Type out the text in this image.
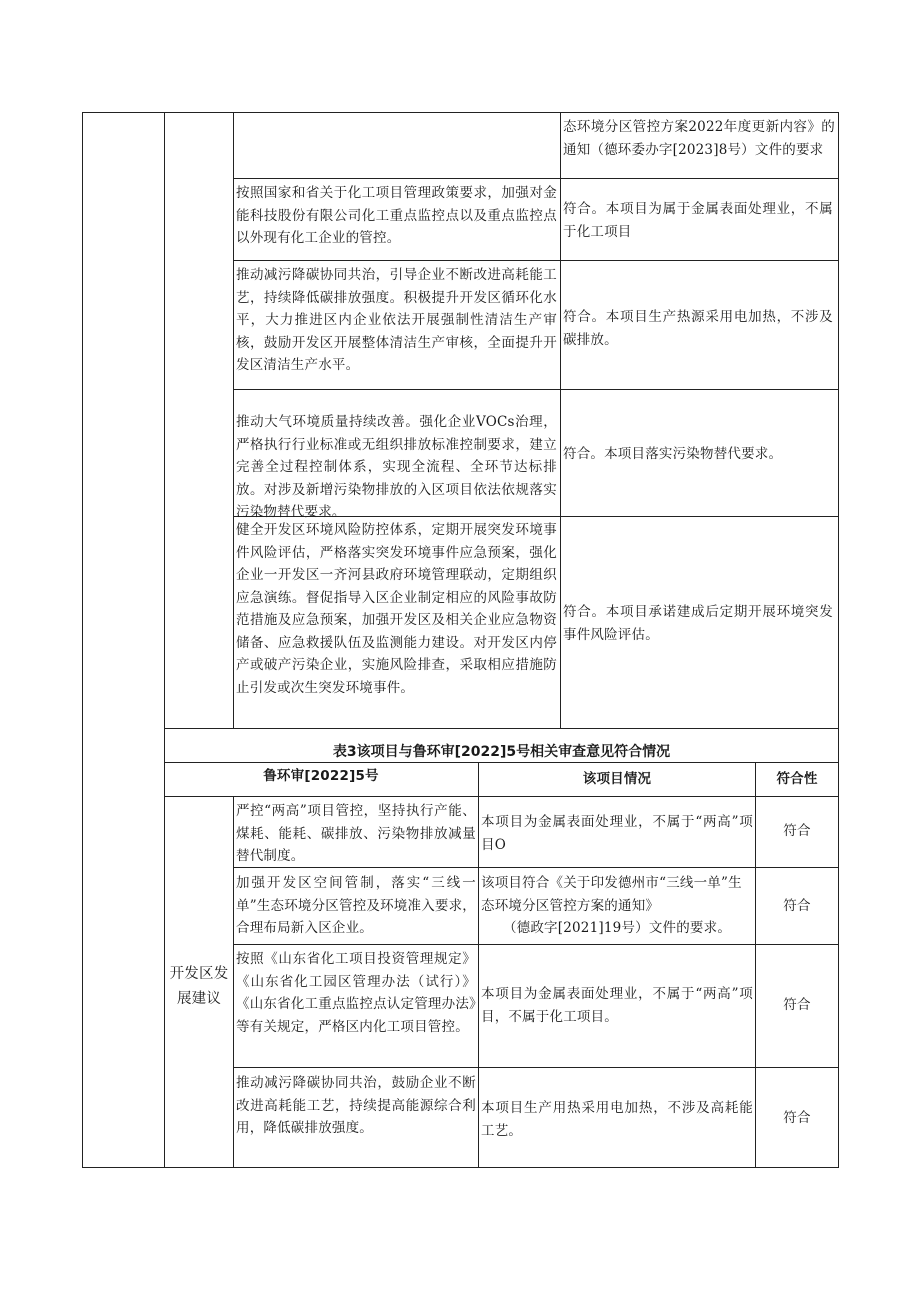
态环境分区管控方案2022年度更新内容》的通知（德环委办字[2023]8号）文件的要求
按照国家和省关于化工项目管理政策要求，加强对金能科技股份有限公司化工重点监控点以及重点监控点以外现有化工企业的管控。
符合。本项目为属于金属表面处理业，不属于化工项目
推动减污降碳协同共治，引导企业不断改进高耗能工艺，持续降低碳排放强度。积极提升开发区循环化水平，大力推进区内企业依法开展强制性清洁生产审核，鼓励开发区开展整体清洁生产审核，全面提升开发区清洁生产水平。
符合。本项目生产热源采用电加热，不涉及碳排放。
推动大气环境质量持续改善。强化企业VOCs治理，严格执行行业标准或无组织排放标准控制要求，建立完善全过程控制体系，实现全流程、全环节达标排放。对涉及新增污染物排放的入区项目依法依规落实污染物替代要求。
符合。本项目落实污染物替代要求。
健全开发区环境风险防控体系，定期开展突发环境事件风险评估，严格落实突发环境事件应急预案，强化企业一开发区一齐河县政府环境管理联动，定期组织应急演练。督促指导入区企业制定相应的风险事故防范措施及应急预案，加强开发区及相关企业应急物资储备、应急救援队伍及监测能力建设。对开发区内停产或破产污染企业，实施风险排查，采取相应措施防止引发或次生突发环境事件。
符合。本项目承诺建成后定期开展环境突发事件风险评估。
表3该项目与鲁环审[2022]5号相关审查意见符合情况
鲁环审[2022]5号	该项目情况	符合性
开发区发展建议
严控“两高”项目管控，坚持执行产能、煤耗、能耗、碳排放、污染物排放减量替代制度。
本项目为金属表面处理业，不属于“两高”项目O
符合
加强开发区空间管制，落实“三线一单”生态环境分区管控及环境准入要求，合理布局新入区企业。
该项目符合《关于印发德州市“三线一单”生态环境分区管控方案的通知》
（德政字[2021]19号）文件的要求。
符合
按照《山东省化工项目投资管理规定》《山东省化工园区管理办法（试行）》《山东省化工重点监控点认定管理办法》等有关规定，严格区内化工项目管控。
本项目为金属表面处理业，不属于“两高”项目，不属于化工项目。
符合
推动减污降碳协同共治，鼓励企业不断改进高耗能工艺，持续提高能源综合利用，降低碳排放强度。
本项目生产用热采用电加热，不涉及高耗能工艺。
符合
